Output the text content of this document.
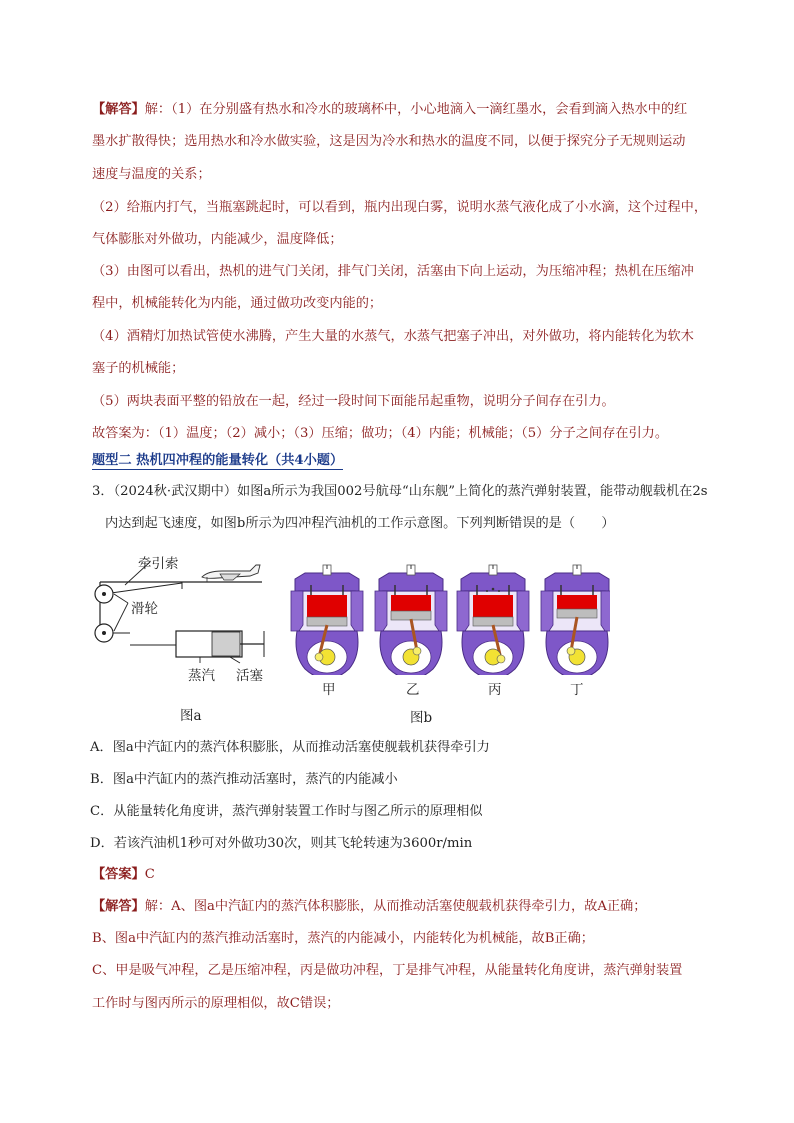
【解答】解：（1）在分别盛有热水和冷水的玻璃杯中，小心地滴入一滴红墨水，会看到滴入热水中的红
墨水扩散得快；选用热水和冷水做实验，这是因为冷水和热水的温度不同，以便于探究分子无规则运动
速度与温度的关系；
（2）给瓶内打气，当瓶塞跳起时，可以看到，瓶内出现白雾，说明水蒸气液化成了小水滴，这个过程中，
气体膨胀对外做功，内能减少，温度降低；
（3）由图可以看出，热机的进气门关闭，排气门关闭，活塞由下向上运动，为压缩冲程；热机在压缩冲
程中，机械能转化为内能，通过做功改变内能的；
（4）酒精灯加热试管使水沸腾，产生大量的水蒸气，水蒸气把塞子冲出，对外做功，将内能转化为软木
塞子的机械能；
（5）两块表面平整的铅放在一起，经过一段时间下面能吊起重物，说明分子间存在引力。
故答案为：（1）温度；（2）减小；（3）压缩；做功；（4）内能；机械能；（5）分子之间存在引力。
题型二 热机四冲程的能量转化（共4小题）
3．（2024秋·武汉期中）如图a所示为我国002号航母“山东舰”上简化的蒸汽弹射装置，能带动舰载机在2s
内达到起飞速度，如图b所示为四冲程汽油机的工作示意图。下列判断错误的是（　　）
牵引索
滑轮
蒸汽 活塞
图a
甲	乙	丙	丁
图b
A．图a中汽缸内的蒸汽体积膨胀，从而推动活塞使舰载机获得牵引力
B．图a中汽缸内的蒸汽推动活塞时，蒸汽的内能减小
C．从能量转化角度讲，蒸汽弹射装置工作时与图乙所示的原理相似
D．若该汽油机1秒可对外做功30次，则其飞轮转速为3600r/min
【答案】C
【解答】解：A、图a中汽缸内的蒸汽体积膨胀，从而推动活塞使舰载机获得牵引力，故A正确；
B、图a中汽缸内的蒸汽推动活塞时，蒸汽的内能减小，内能转化为机械能，故B正确；
C、甲是吸气冲程，乙是压缩冲程，丙是做功冲程，丁是排气冲程，从能量转化角度讲，蒸汽弹射装置
工作时与图丙所示的原理相似，故C错误；
